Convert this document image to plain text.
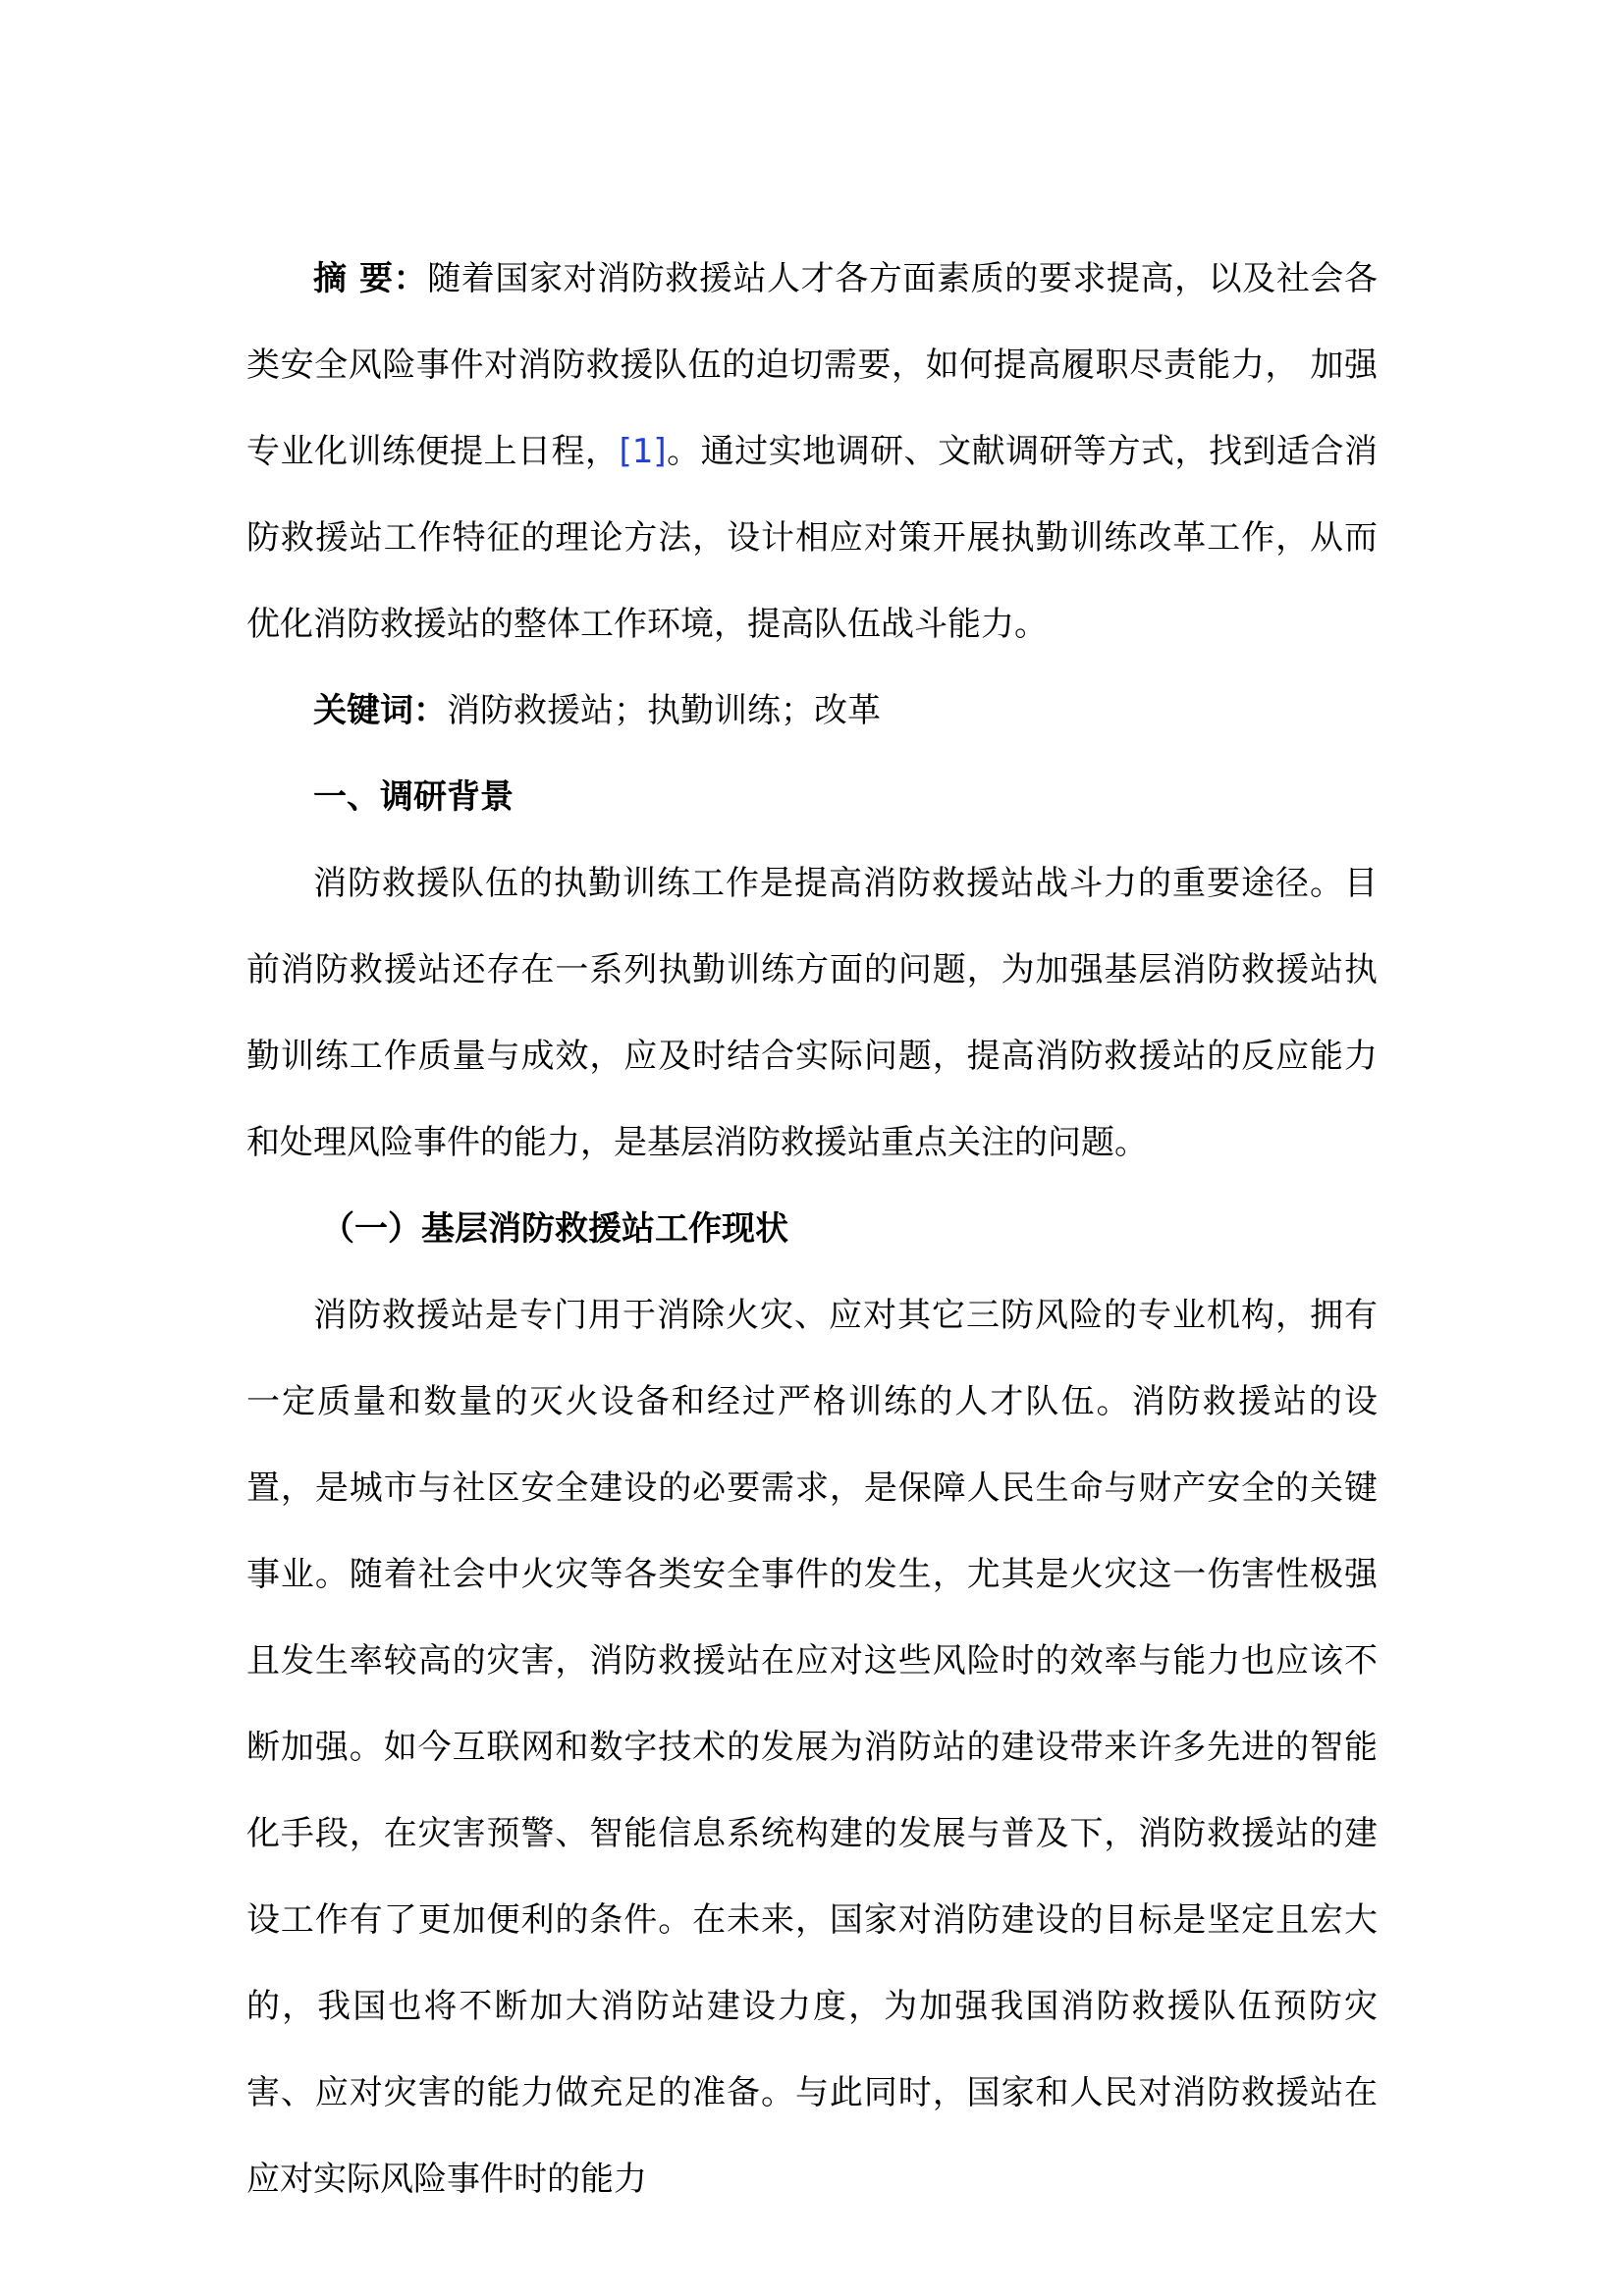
摘 要：随着国家对消防救援站人才各方面素质的要求提高，以及社会各类安全风险事件对消防救援队伍的迫切需要，如何提高履职尽责能力， 加强专业化训练便提上日程，[1]。通过实地调研、文献调研等方式，找到适合消防救援站工作特征的理论方法，设计相应对策开展执勤训练改革工作，从而优化消防救援站的整体工作环境，提高队伍战斗能力。

关键词：消防救援站；执勤训练；改革

一、调研背景

消防救援队伍的执勤训练工作是提高消防救援站战斗力的重要途径。目前消防救援站还存在一系列执勤训练方面的问题，为加强基层消防救援站执勤训练工作质量与成效，应及时结合实际问题，提高消防救援站的反应能力和处理风险事件的能力，是基层消防救援站重点关注的问题。

（一）基层消防救援站工作现状

消防救援站是专门用于消除火灾、应对其它三防风险的专业机构，拥有一定质量和数量的灭火设备和经过严格训练的人才队伍。消防救援站的设置，是城市与社区安全建设的必要需求，是保障人民生命与财产安全的关键事业。随着社会中火灾等各类安全事件的发生，尤其是火灾这一伤害性极强且发生率较高的灾害，消防救援站在应对这些风险时的效率与能力也应该不断加强。如今互联网和数字技术的发展为消防站的建设带来许多先进的智能化手段，在灾害预警、智能信息系统构建的发展与普及下，消防救援站的建设工作有了更加便利的条件。在未来，国家对消防建设的目标是坚定且宏大的，我国也将不断加大消防站建设力度，为加强我国消防救援队伍预防灾害、应对灾害的能力做充足的准备。与此同时，国家和人民对消防救援站在应对实际风险事件时的能力
